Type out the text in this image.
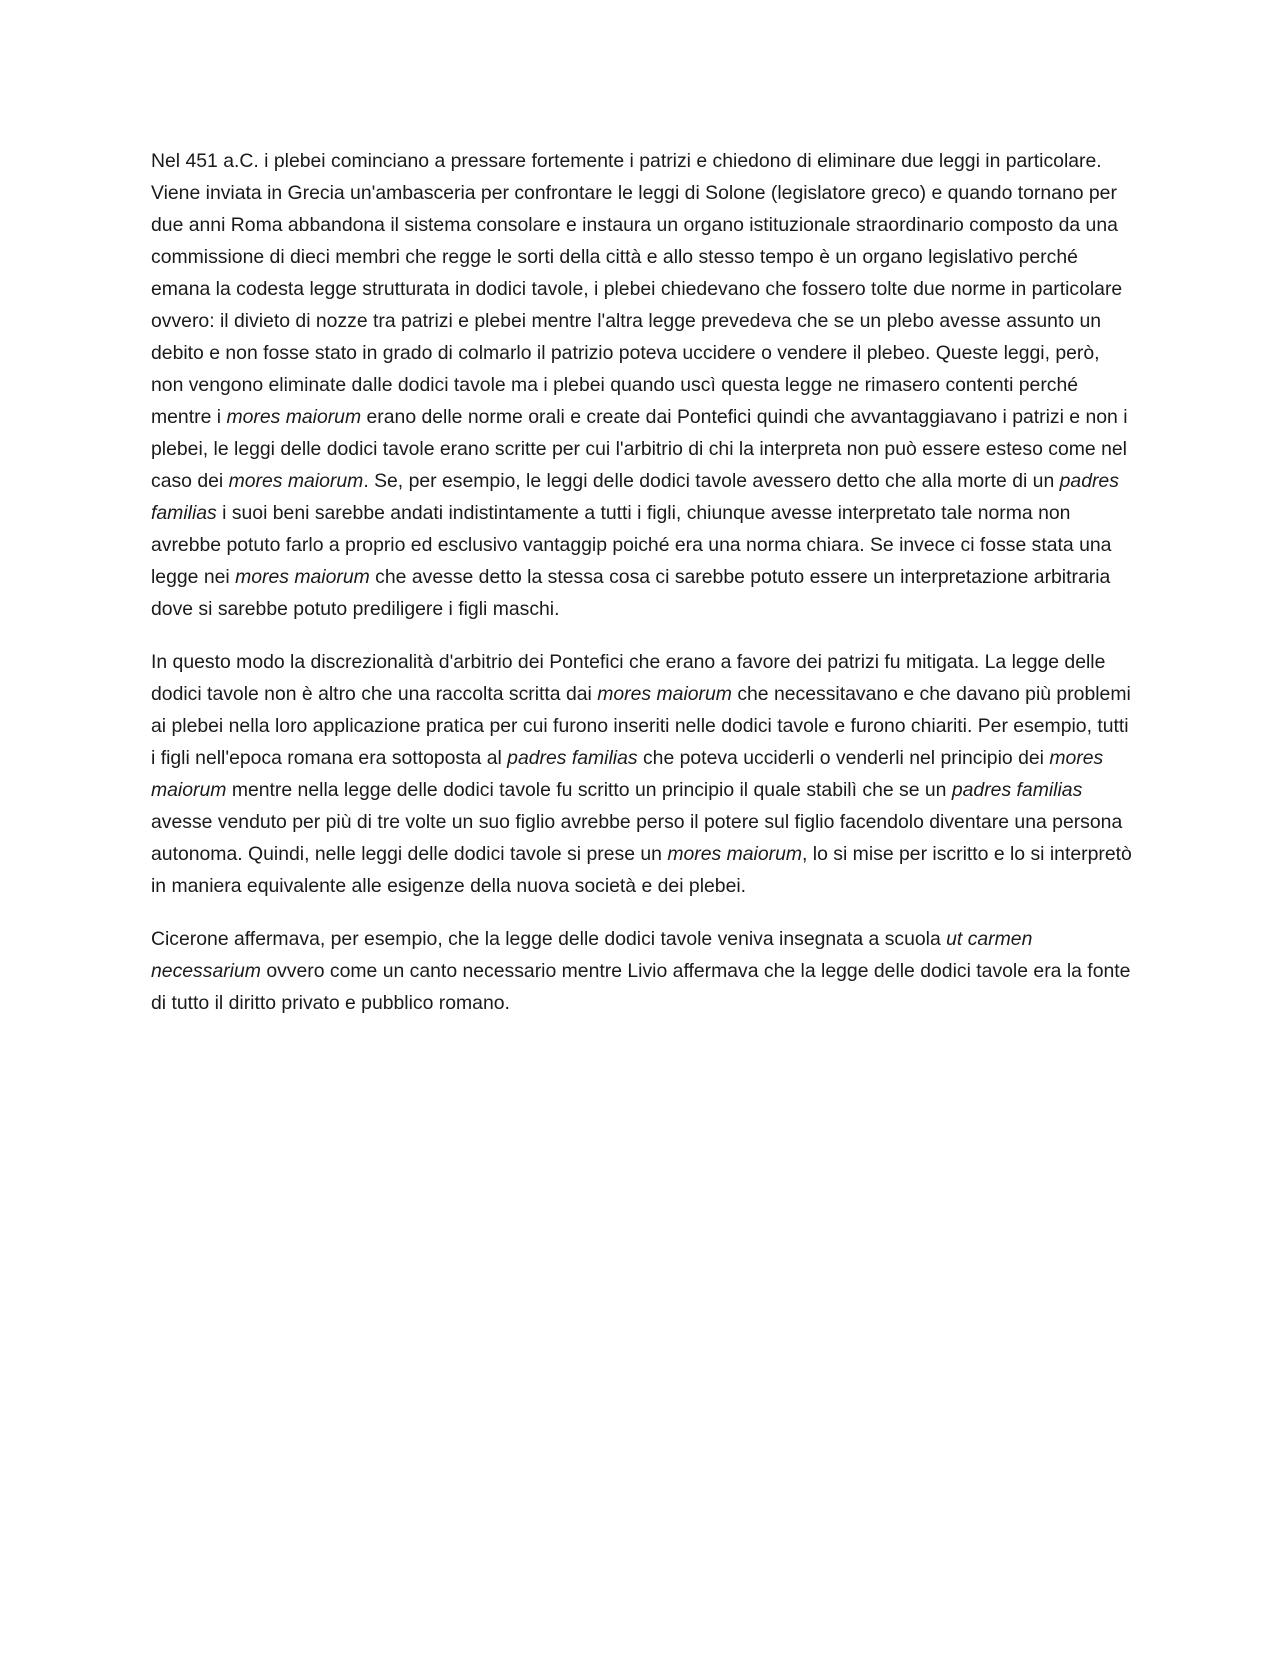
Nel 451 a.C. i plebei cominciano a pressare fortemente i patrizi e chiedono di eliminare due leggi in particolare. Viene inviata in Grecia un'ambasceria per confrontare le leggi di Solone (legislatore greco) e quando tornano per due anni Roma abbandona il sistema consolare e instaura un organo istituzionale straordinario composto da una commissione di dieci membri che regge le sorti della città e allo stesso tempo è un organo legislativo perché emana la codesta legge strutturata in dodici tavole, i plebei chiedevano che fossero tolte due norme in particolare ovvero: il divieto di nozze tra patrizi e plebei mentre l'altra legge prevedeva che se un plebo avesse assunto un debito e non fosse stato in grado di colmarlo il patrizio poteva uccidere o vendere il plebeo. Queste leggi, però, non vengono eliminate dalle dodici tavole ma i plebei quando uscì questa legge ne rimasero contenti perché mentre i mores maiorum erano delle norme orali e create dai Pontefici quindi che avvantaggiavano i patrizi e non i plebei, le leggi delle dodici tavole erano scritte per cui l'arbitrio di chi la interpreta non può essere esteso come nel caso dei mores maiorum. Se, per esempio, le leggi delle dodici tavole avessero detto che alla morte di un padres familias i suoi beni sarebbe andati indistintamente a tutti i figli, chiunque avesse interpretato tale norma non avrebbe potuto farlo a proprio ed esclusivo vantaggip poiché era una norma chiara. Se invece ci fosse stata una legge nei mores maiorum che avesse detto la stessa cosa ci sarebbe potuto essere un interpretazione arbitraria dove si sarebbe potuto prediligere i figli maschi.

In questo modo la discrezionalità d'arbitrio dei Pontefici che erano a favore dei patrizi fu mitigata. La legge delle dodici tavole non è altro che una raccolta scritta dai mores maiorum che necessitavano e che davano più problemi ai plebei nella loro applicazione pratica per cui furono inseriti nelle dodici tavole e furono chiariti. Per esempio, tutti i figli nell'epoca romana era sottoposta al padres familias che poteva ucciderli o venderli nel principio dei mores maiorum mentre nella legge delle dodici tavole fu scritto un principio il quale stabilì che se un padres familias avesse venduto per più di tre volte un suo figlio avrebbe perso il potere sul figlio facendolo diventare una persona autonoma. Quindi, nelle leggi delle dodici tavole si prese un mores maiorum, lo si mise per iscritto e lo si interpretò in maniera equivalente alle esigenze della nuova società e dei plebei.

Cicerone affermava, per esempio, che la legge delle dodici tavole veniva insegnata a scuola ut carmen necessarium ovvero come un canto necessario mentre Livio affermava che la legge delle dodici tavole era la fonte di tutto il diritto privato e pubblico romano.
